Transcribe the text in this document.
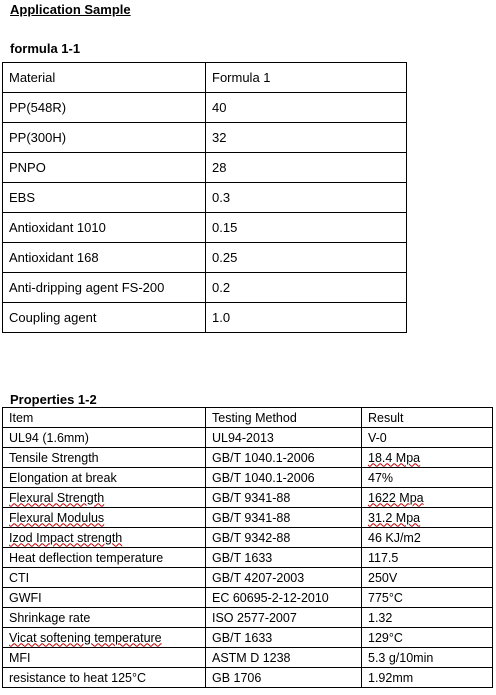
Application Sample
formula 1-1
Material	Formula 1
PP(548R)	40
PP(300H)	32
PNPO	28
EBS	0.3
Antioxidant 1010	0.15
Antioxidant 168	0.25
Anti-dripping agent FS-200	0.2
Coupling agent	1.0
Properties 1-2
Item	Testing Method	Result
UL94 (1.6mm)	UL94-2013	V-0
Tensile Strength	GB/T 1040.1-2006	18.4 Mpa
Elongation at break	GB/T 1040.1-2006	47%
Flexural Strength	GB/T 9341-88	1622 Mpa
Flexural Modulus	GB/T 9341-88	31.2 Mpa
Izod Impact strength	GB/T 9342-88	46 KJ/m2
Heat deflection temperature	GB/T 1633	117.5
CTI	GB/T 4207-2003	250V
GWFI	EC 60695-2-12-2010	775°C
Shrinkage rate	ISO 2577-2007	1.32
Vicat softening temperature	GB/T 1633	129°C
MFI	ASTM D 1238	5.3 g/10min
resistance to heat 125°C	GB 1706	1.92mm
